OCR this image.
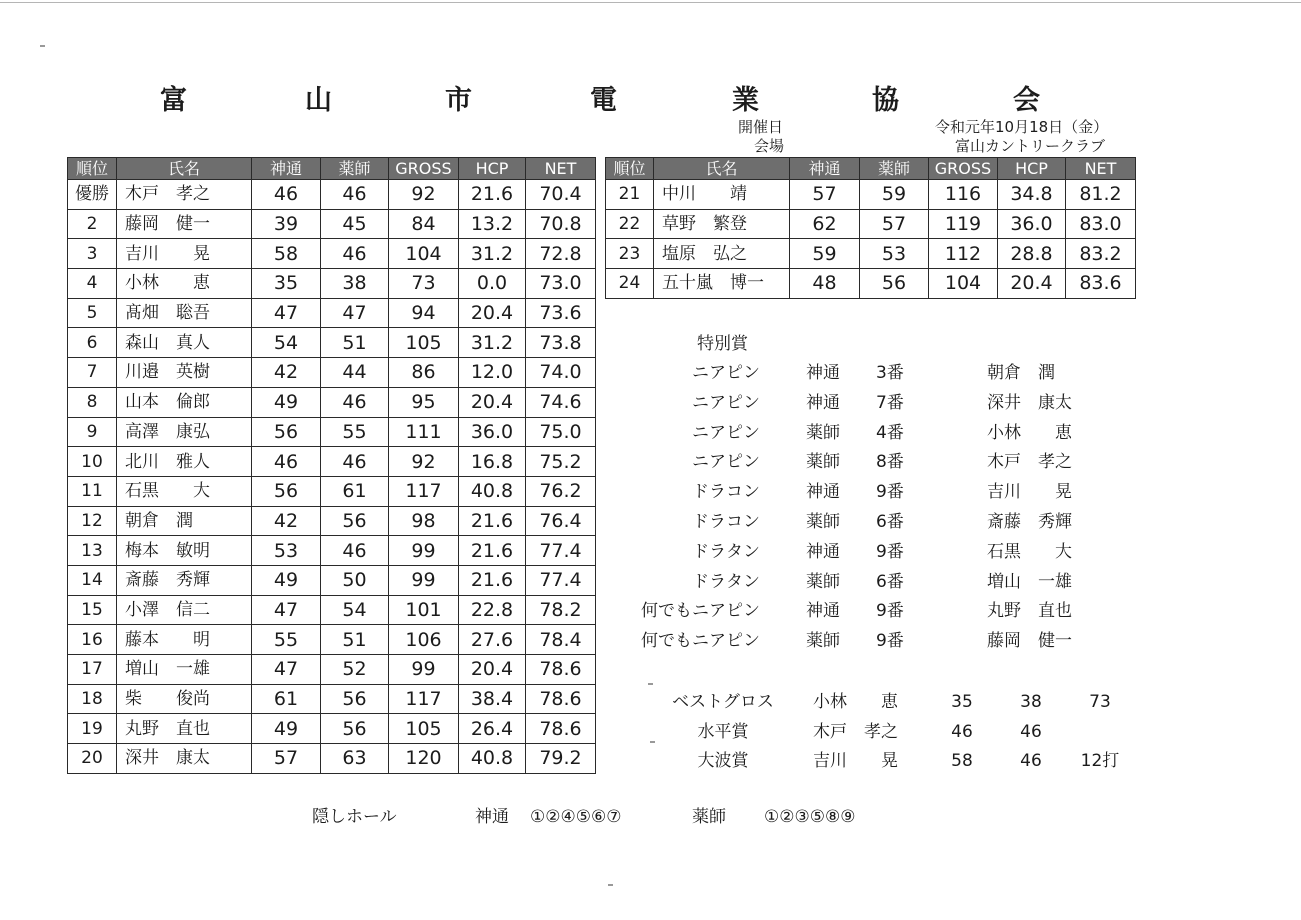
富	山	市	電	業	協	会
開催日	令和元年10月18日（金）
会場	富山カントリークラブ
順位	氏名	神通	薬師	GROSS	HCP	NET
優勝	木戸　孝之	46	46	92	21.6	70.4
2	藤岡　健一	39	45	84	13.2	70.8
3	吉川　　晃	58	46	104	31.2	72.8
4	小林　　恵	35	38	73	0.0	73.0
5	髙畑　聡吾	47	47	94	20.4	73.6
6	森山　真人	54	51	105	31.2	73.8
7	川邉　英樹	42	44	86	12.0	74.0
8	山本　倫郎	49	46	95	20.4	74.6
9	高澤　康弘	56	55	111	36.0	75.0
10	北川　雅人	46	46	92	16.8	75.2
11	石黒　　大	56	61	117	40.8	76.2
12	朝倉　潤	42	56	98	21.6	76.4
13	梅本　敏明	53	46	99	21.6	77.4
14	斎藤　秀輝	49	50	99	21.6	77.4
15	小澤　信二	47	54	101	22.8	78.2
16	藤本　　明	55	51	106	27.6	78.4
17	増山　一雄	47	52	99	20.4	78.6
18	柴　　俊尚	61	56	117	38.4	78.6
19	丸野　直也	49	56	105	26.4	78.6
20	深井　康太	57	63	120	40.8	79.2
順位	氏名	神通	薬師	GROSS	HCP	NET
21	中川　　靖	57	59	116	34.8	81.2
22	草野　繁登	62	57	119	36.0	83.0
23	塩原　弘之	59	53	112	28.8	83.2
24	五十嵐　博一	48	56	104	20.4	83.6
特別賞
ニアピン	神通 3番	朝倉　潤
ニアピン	神通 7番	深井　康太
ニアピン	薬師 4番	小林　　恵
ニアピン	薬師 8番	木戸　孝之
ドラコン	神通 9番	吉川　　晃
ドラコン	薬師 6番	斎藤　秀輝
ドラタン	神通 9番	石黒　　大
ドラタン	薬師 6番	増山　一雄
何でもニアピン	神通 9番	丸野　直也
何でもニアピン	薬師 9番	藤岡　健一
ベストグロス	小林　　恵	35	38	73
水平賞	木戸　孝之	46	46
大波賞	吉川　　晃	58	46	12打
隠しホール	神通 ①②④⑤⑥⑦	薬師 ①②③⑤⑧⑨
